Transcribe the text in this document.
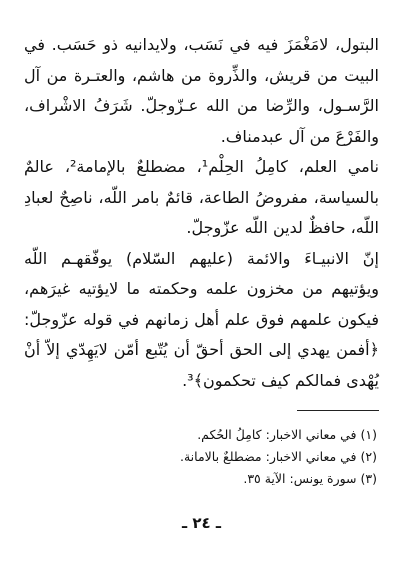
البتول، لامَغْمَزَ فيه في نَسَب، ولايدانيه ذو حَسَب. في البيت من قريش، والذِّروة من هاشم، والعتـرة من آل الرَّسـول، والرِّضا من الله عـزّوجلّ. شَرَفُ الاشْراف، والفَرْعَ من آل عبدمناف.

نامي العلم، كامِلُ الحِلْم¹، مضطلعٌ بالإمامة²، عالمٌ بالسياسة، مفروضُ الطاعة، قائمٌ بامر اللّه، ناصِحٌ لعبادِ اللّه، حافظٌ لدين اللّه عزّوجلّ.

إنّ الانبيـاءَ والائمة (عليهم السّلام) يوفّقهـم اللّه ويؤتيهم من مخزون علمه وحكمته ما لايؤتيه غيرَهم، فيكون علمهم فوق علم أهل زمانهم في قوله عزّوجلّ: ﴿أفمن يهدي إلى الحق أحقّ أن يُتّبع أمّن لايَهِدّي إلاّ أنْ يُهْدى فمالكم كيف تحكمون﴾³.

(١) في معاني الاخبار: كامِلُ الحُكم.
(٢) في معاني الاخبار: مضطلعٌ بالامانة.
(٣) سورة يونس: الآية ٣٥.
ـ ٢٤ ـ
